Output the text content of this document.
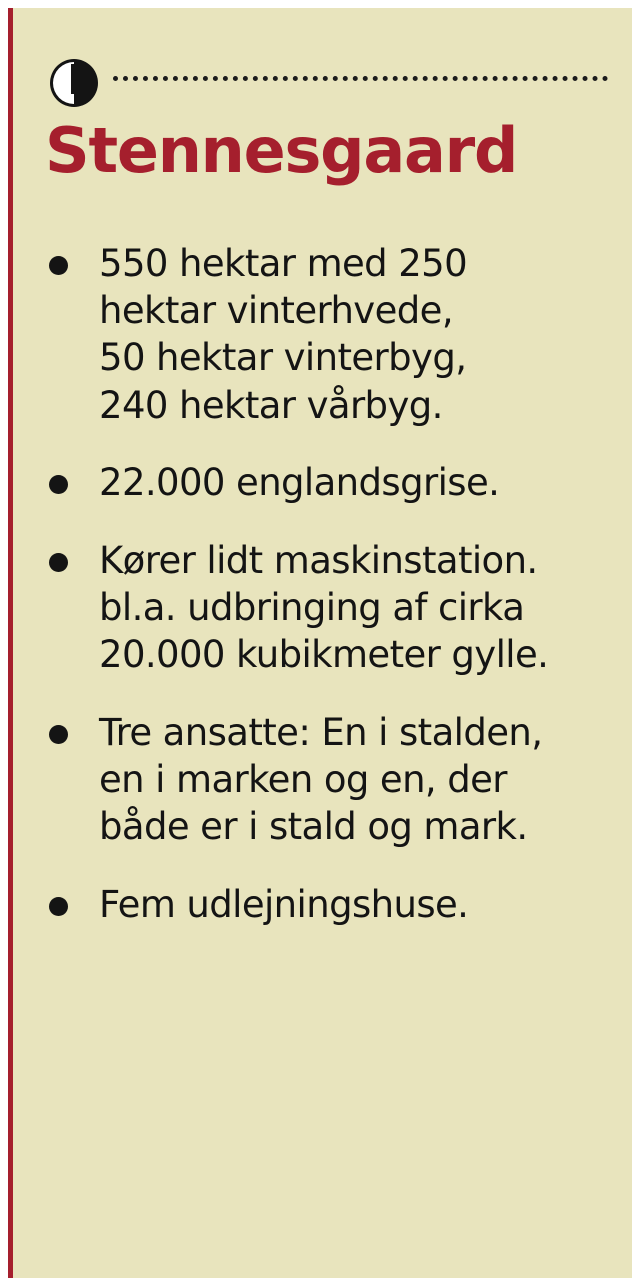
Stennesgaard
550 hektar med 250
hektar vinterhvede,
50 hektar vinterbyg,
240 hektar vårbyg.
22.000 englandsgrise.
Kører lidt maskinstation.
bl.a. udbringing af cirka
20.000 kubikmeter gylle.
Tre ansatte: En i stalden,
en i marken og en, der
både er i stald og mark.
Fem udlejningshuse.
